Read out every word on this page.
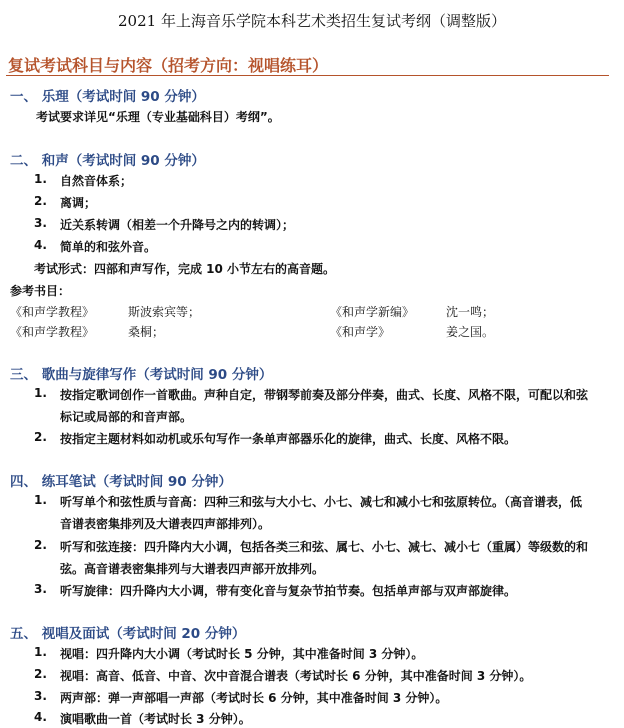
2021 年上海音乐学院本科艺术类招生复试考纲（调整版）
复试考试科目与内容（招考方向：视唱练耳）
一、 乐理（考试时间 90 分钟）
考试要求详见“乐理（专业基础科目）考纲”。
二、 和声（考试时间 90 分钟）
1. 自然音体系；
2. 离调；
3. 近关系转调（相差一个升降号之内的转调）；
4. 简单的和弦外音。
考试形式：四部和声写作，完成 10 小节左右的高音题。
参考书目：
《和声学教程》	斯波索宾等；	《和声学新编》	沈一鸣；
《和声学教程》	桑桐；	《和声学》	姜之国。
三、 歌曲与旋律写作（考试时间 90 分钟）
1. 按指定歌词创作一首歌曲。声种自定，带钢琴前奏及部分伴奏，曲式、长度、风格不限，可配以和弦
标记或局部的和音声部。
2. 按指定主题材料如动机或乐句写作一条单声部器乐化的旋律，曲式、长度、风格不限。
四、 练耳笔试（考试时间 90 分钟）
1. 听写单个和弦性质与音高：四种三和弦与大小七、小七、减七和减小七和弦原转位。（高音谱表，低
音谱表密集排列及大谱表四声部排列）。
2. 听写和弦连接：四升降内大小调，包括各类三和弦、属七、小七、减七、减小七（重属）等级数的和
弦。高音谱表密集排列与大谱表四声部开放排列。
3. 听写旋律：四升降内大小调，带有变化音与复杂节拍节奏。包括单声部与双声部旋律。
五、 视唱及面试（考试时间 20 分钟）
1. 视唱：四升降内大小调（考试时长 5 分钟，其中准备时间 3 分钟）。
2. 视唱：高音、低音、中音、次中音混合谱表（考试时长 6 分钟，其中准备时间 3 分钟）。
3. 两声部：弹一声部唱一声部（考试时长 6 分钟，其中准备时间 3 分钟）。
4. 演唱歌曲一首（考试时长 3 分钟）。
